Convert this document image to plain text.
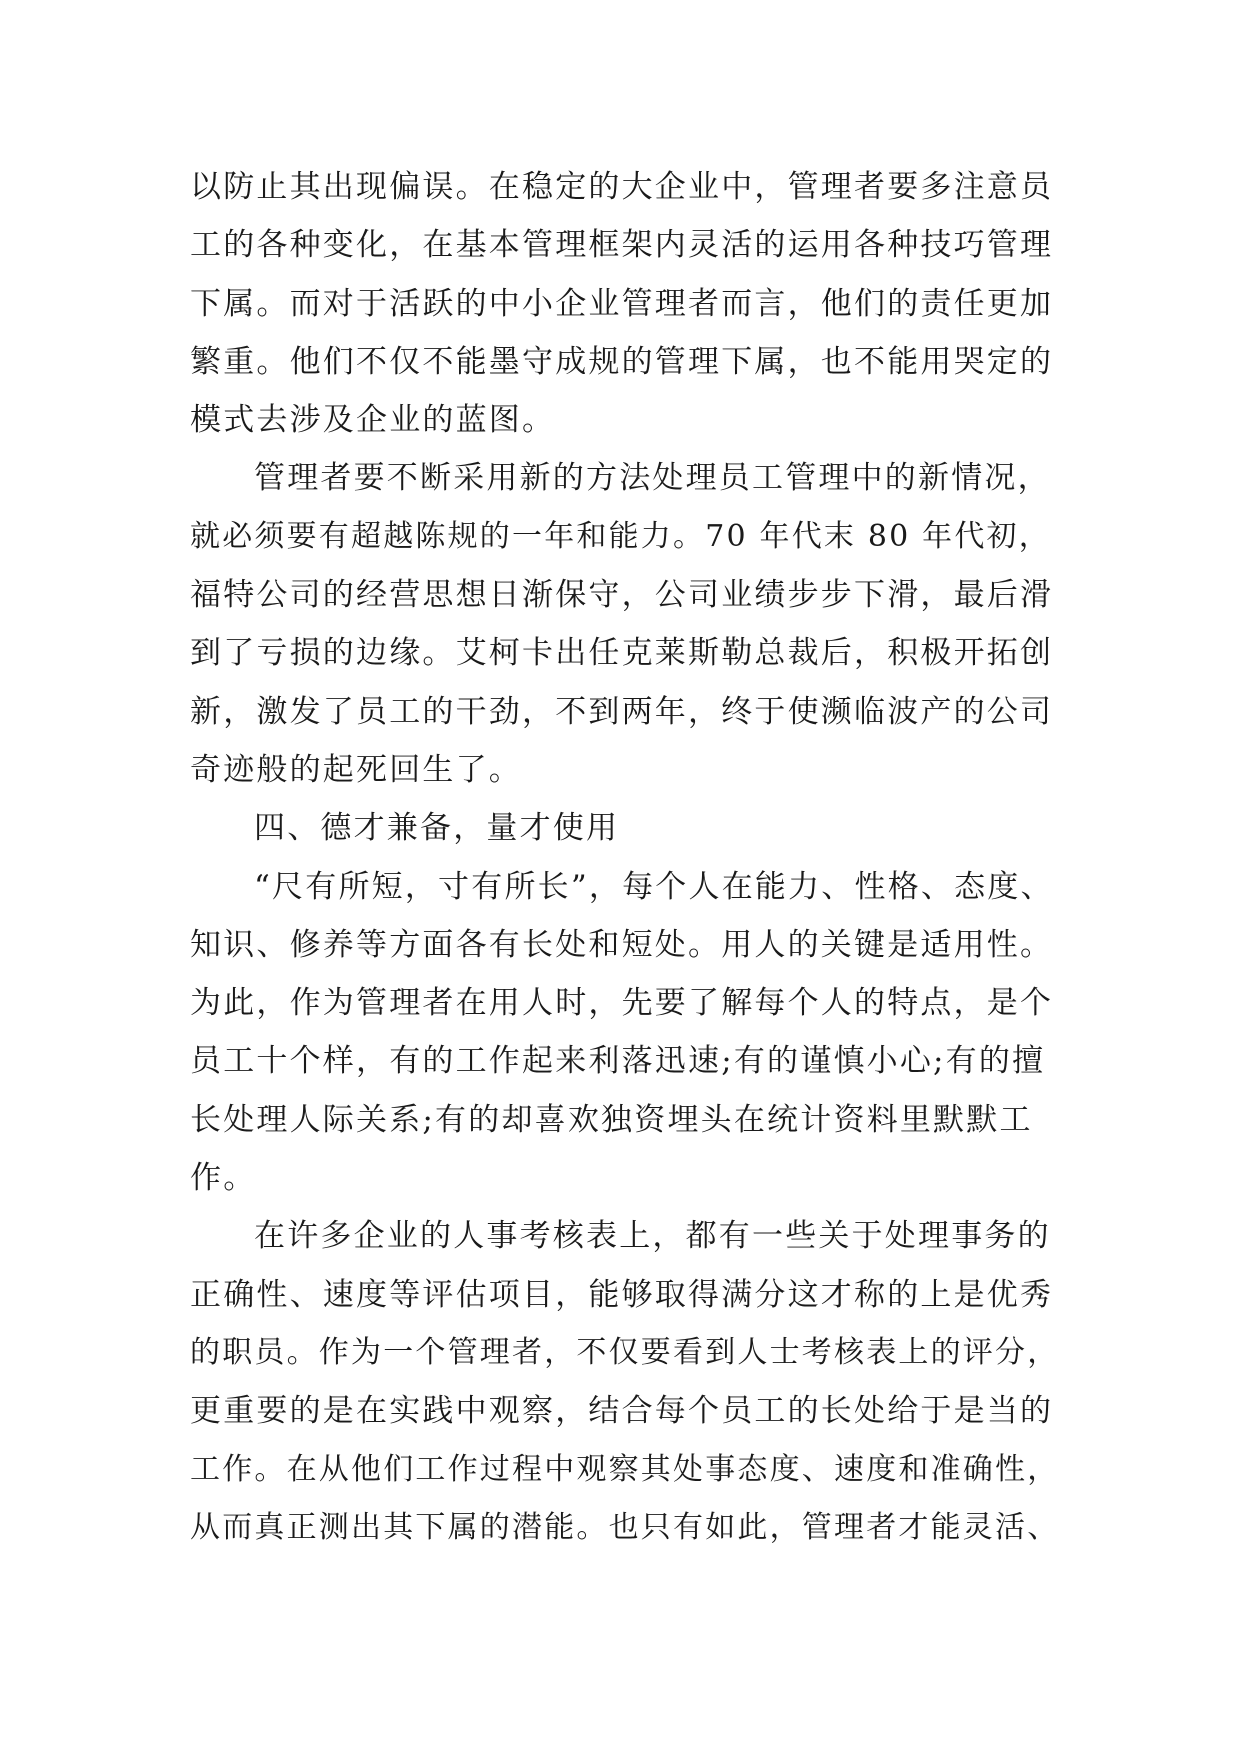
以防止其出现偏误。在稳定的大企业中，管理者要多注意员
工的各种变化，在基本管理框架内灵活的运用各种技巧管理
下属。而对于活跃的中小企业管理者而言，他们的责任更加
繁重。他们不仅不能墨守成规的管理下属，也不能用哭定的
模式去涉及企业的蓝图。
管理者要不断采用新的方法处理员工管理中的新情况，
就必须要有超越陈规的一年和能力。70 年代末 80 年代初，
福特公司的经营思想日渐保守，公司业绩步步下滑，最后滑
到了亏损的边缘。艾柯卡出任克莱斯勒总裁后，积极开拓创
新，激发了员工的干劲，不到两年，终于使濒临波产的公司
奇迹般的起死回生了。
四、德才兼备，量才使用
“尺有所短，寸有所长”，每个人在能力、性格、态度、
知识、修养等方面各有长处和短处。用人的关键是适用性。
为此，作为管理者在用人时，先要了解每个人的特点，是个
员工十个样，有的工作起来利落迅速;有的谨慎小心;有的擅
长处理人际关系;有的却喜欢独资埋头在统计资料里默默工
作。
在许多企业的人事考核表上，都有一些关于处理事务的
正确性、速度等评估项目，能够取得满分这才称的上是优秀
的职员。作为一个管理者，不仅要看到人士考核表上的评分，
更重要的是在实践中观察，结合每个员工的长处给于是当的
工作。在从他们工作过程中观察其处事态度、速度和准确性，
从而真正测出其下属的潜能。也只有如此，管理者才能灵活、
